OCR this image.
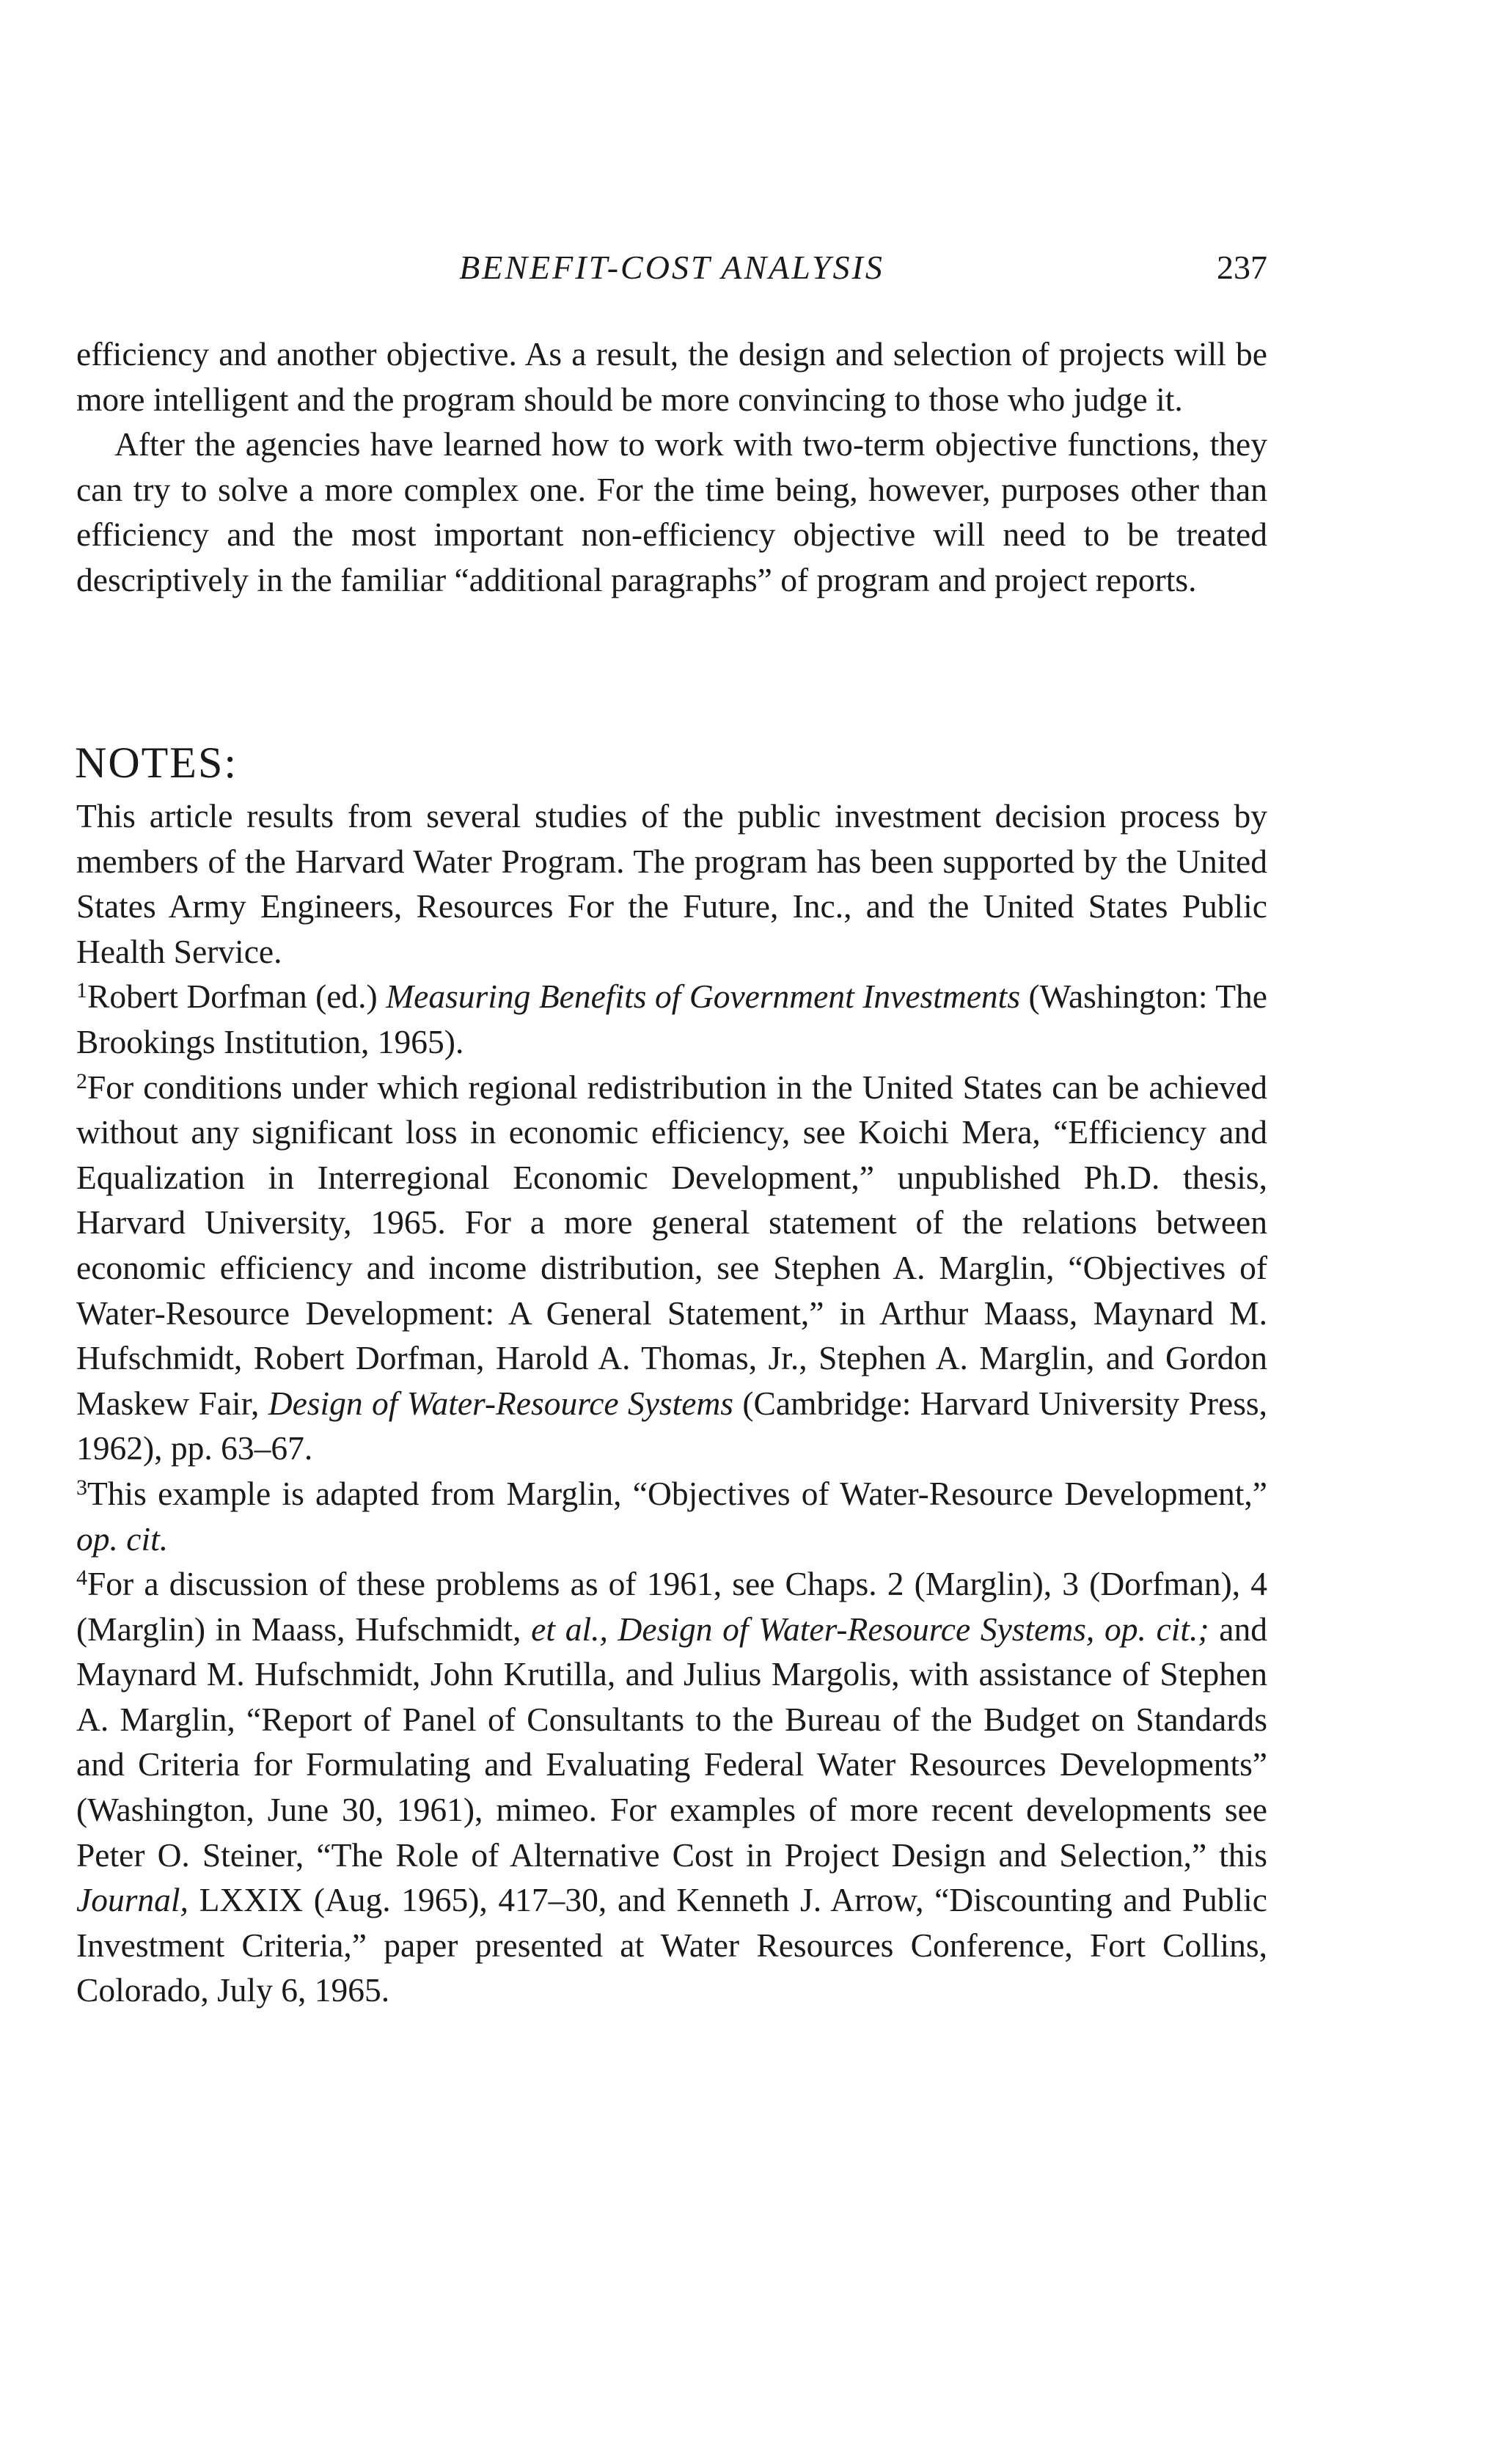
BENEFIT-COST ANALYSIS	237

efficiency and another objective. As a result, the design and selection of projects will be more intelligent and the program should be more convincing to those who judge it.

After the agencies have learned how to work with two-term objective functions, they can try to solve a more complex one. For the time being, however, purposes other than efficiency and the most important non-efficiency objective will need to be treated descriptively in the familiar “additional paragraphs” of program and project reports.

NOTES:

This article results from several studies of the public investment decision process by members of the Harvard Water Program. The program has been supported by the United States Army Engineers, Resources For the Future, Inc., and the United States Public Health Service.

$^1$Robert Dorfman (ed.) Measuring Benefits of Government Investments (Washington: The Brookings Institution, 1965).

$^2$For conditions under which regional redistribution in the United States can be achieved without any significant loss in economic efficiency, see Koichi Mera, “Efficiency and Equalization in Interregional Economic Development,” unpublished Ph.D. thesis, Harvard University, 1965. For a more general statement of the relations between economic efficiency and income distribution, see Stephen A. Marglin, “Objectives of Water-Resource Development: A General Statement,” in Arthur Maass, Maynard M. Hufschmidt, Robert Dorfman, Harold A. Thomas, Jr., Stephen A. Marglin, and Gordon Maskew Fair, Design of Water-Resource Systems (Cambridge: Harvard University Press, 1962), pp. 63–67.

$^3$This example is adapted from Marglin, “Objectives of Water-Resource Development,” op. cit.

$^4$For a discussion of these problems as of 1961, see Chaps. 2 (Marglin), 3 (Dorfman), 4 (Marglin) in Maass, Hufschmidt, et al., Design of Water-Resource Systems, op. cit.; and Maynard M. Hufschmidt, John Krutilla, and Julius Margolis, with assistance of Stephen A. Marglin, “Report of Panel of Consultants to the Bureau of the Budget on Standards and Criteria for Formulating and Evaluating Federal Water Resources Developments” (Washington, June 30, 1961), mimeo. For examples of more recent developments see Peter O. Steiner, “The Role of Alternative Cost in Project Design and Selection,” this Journal, LXXIX (Aug. 1965), 417–30, and Kenneth J. Arrow, “Discounting and Public Investment Criteria,” paper presented at Water Resources Conference, Fort Collins, Colorado, July 6, 1965.
